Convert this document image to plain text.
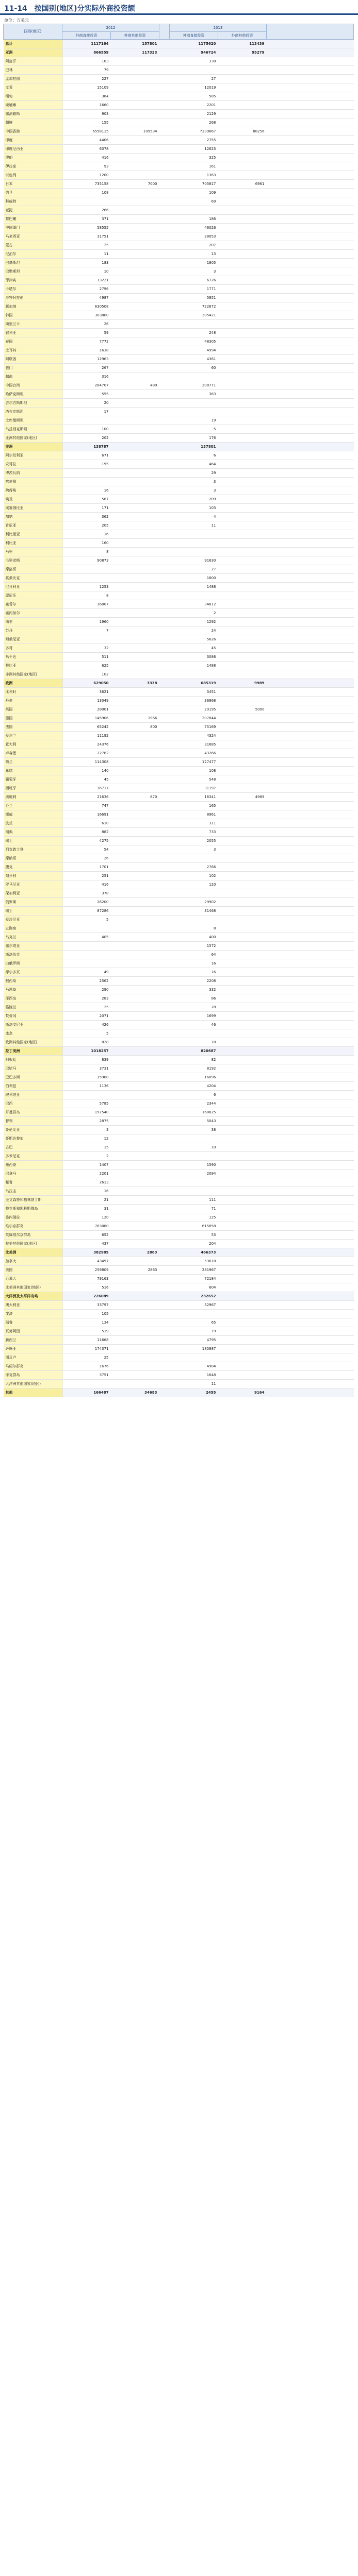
11-14　按国别(地区)分实际外商投资额
单位：万美元
国别(地区)	2012			2013		
	外商直接投资	外商其他投资		外商直接投资	外商其他投资	
总计	1117164	157801		1175620	113439	
亚洲	866559	117323		946724	95279	
阿富汗	183			338		
巴林	79					
孟加拉国	227			27		
文莱	15109			12019		
缅甸	384			585		
柬埔寨	1660			2201		
塞浦路斯	903			2129		
朝鲜	155			268		
中国香港	6558115	109534		7339667	88256	
印度	4406			2755		
印度尼西亚	6378			12623		
伊朗	416			325		
伊拉克	93			161		
以色列	1200			1363		
日本	735158	7000		705817	6961	
约旦	108			109		
科威特				69		
老挝	266					
黎巴嫩	371			186		
中国澳门	58555			46026		
马来西亚	31751			28053		
蒙古	25			207		
尼泊尔	11			13		
巴基斯坦	183			1805		
巴勒斯坦	10			3		
菲律宾	13221			6726		
卡塔尔	2796			1771		
沙特阿拉伯	4987			5851		
新加坡	630508			722872		
韩国	303800			305421		
斯里兰卡	26					
叙利亚	59			248		
泰国	7772			48305		
土耳其	1638			4994		
阿联酋	12963			4361		
也门	267			60		
越南	316					
中国台湾	284707	489		208771		
哈萨克斯坦	555			363		
吉尔吉斯斯坦	20					
塔吉克斯坦	17					
土库曼斯坦				19		
乌兹别克斯坦	100			5		
亚洲其他国家(地区)	202			176		
非洲	138787			137801		
阿尔及利亚	671			6		
安哥拉	195			464		
博茨瓦纳				29		
喀麦隆				3		
佛得角	16			3		
埃及	567			209		
埃塞俄比亚	171			103		
加纳	362			4		
肯尼亚	205			11		
利比里亚	16					
利比亚	160					
马里	8					
毛里求斯	90873			91630		
摩洛哥				27		
莫桑比克				1600		
尼日利亚	1253			1488		
留尼汪	8					
塞舌尔	36007			34812		
塞内加尔				2		
南非	1960			1292		
苏丹	7			24		
坦桑尼亚				5626		
多哥	32			45		
乌干达	511			3086		
赞比亚	625			1488		
非洲其他国家(地区)	102					
欧洲	629050	3338		685319	9989	
比利时	3621			3451		
丹麦	13049			36968		
英国	28001			20195	5000	
德国	145906	1966		207844		
法国	65242	800		75169		
爱尔兰	11192			4324		
意大利	24376			31685		
卢森堡	22782			43266		
荷兰	114308			127477		
希腊	140			108		
葡萄牙	45			548		
西班牙	36717			31197		
奥地利	21636	670		16341	4989	
芬兰	747			165		
挪威	16691			8961		
波兰	610			311		
瑞典	882			733		
瑞士	4275			2055		
列支敦士登	54			3		
摩纳哥	26					
捷克	1701			2766		
匈牙利	251			102		
罗马尼亚	416			120		
保加利亚	378					
俄罗斯	26200			29902		
瑞士	87286			31468		
爱沙尼亚	5					
立陶宛				8		
乌克兰	405			400		
塞尔维亚				1572		
斯洛伐克				64		
白俄罗斯				16		
摩尔多瓦	49			16		
根西岛	2562			2208		
马恩岛	290			332		
泽西岛	283			86		
格陵兰	25			28		
梵蒂冈	2071			1699		
斯洛文尼亚	426			46		
冰岛	5					
欧洲其他国家(地区)	828			78		
拉丁美洲	1018257			820687		
阿根廷	839			82		
巴哈马	3731			8192		
巴巴多斯	15988			16096		
伯利兹	1136			4204		
玻利维亚				6		
巴西	5785			2344		
开曼群岛	197540			168825		
智利	2875			5043		
哥伦比亚	3			38		
哥斯达黎加	12					
古巴	15			10		
多米尼克	2					
墨西哥	1407			1590		
巴拿马	2201			2094		
秘鲁	2613					
乌拉圭	16					
圣文森特和格林纳丁斯	21			111		
特克斯和凯科斯群岛	31			71		
委内瑞拉	120			125		
维尔京群岛	783080			615858		
英属维尔京群岛	652			53		
拉美其他国家(地区)	437			204		
北美洲	382985	2863		466373		
加拿大	43497			53618		
美国	259809	2863		281967		
百慕大	79163			72184		
北美洲其他国家(地区)	516			604		
大洋洲及太平洋岛屿	226089			232652		
澳大利亚	33797			32967		
斐济	105					
瑙鲁	134			65		
瓦努阿图	519			79		
新西兰	11668			4795		
萨摩亚	174371			185887		
图瓦卢	25					
马绍尔群岛	1676			4984		
库克群岛	3751			1648		
大洋洲其他国家(地区)				11		
其他	166487	34683		2455	9164	
